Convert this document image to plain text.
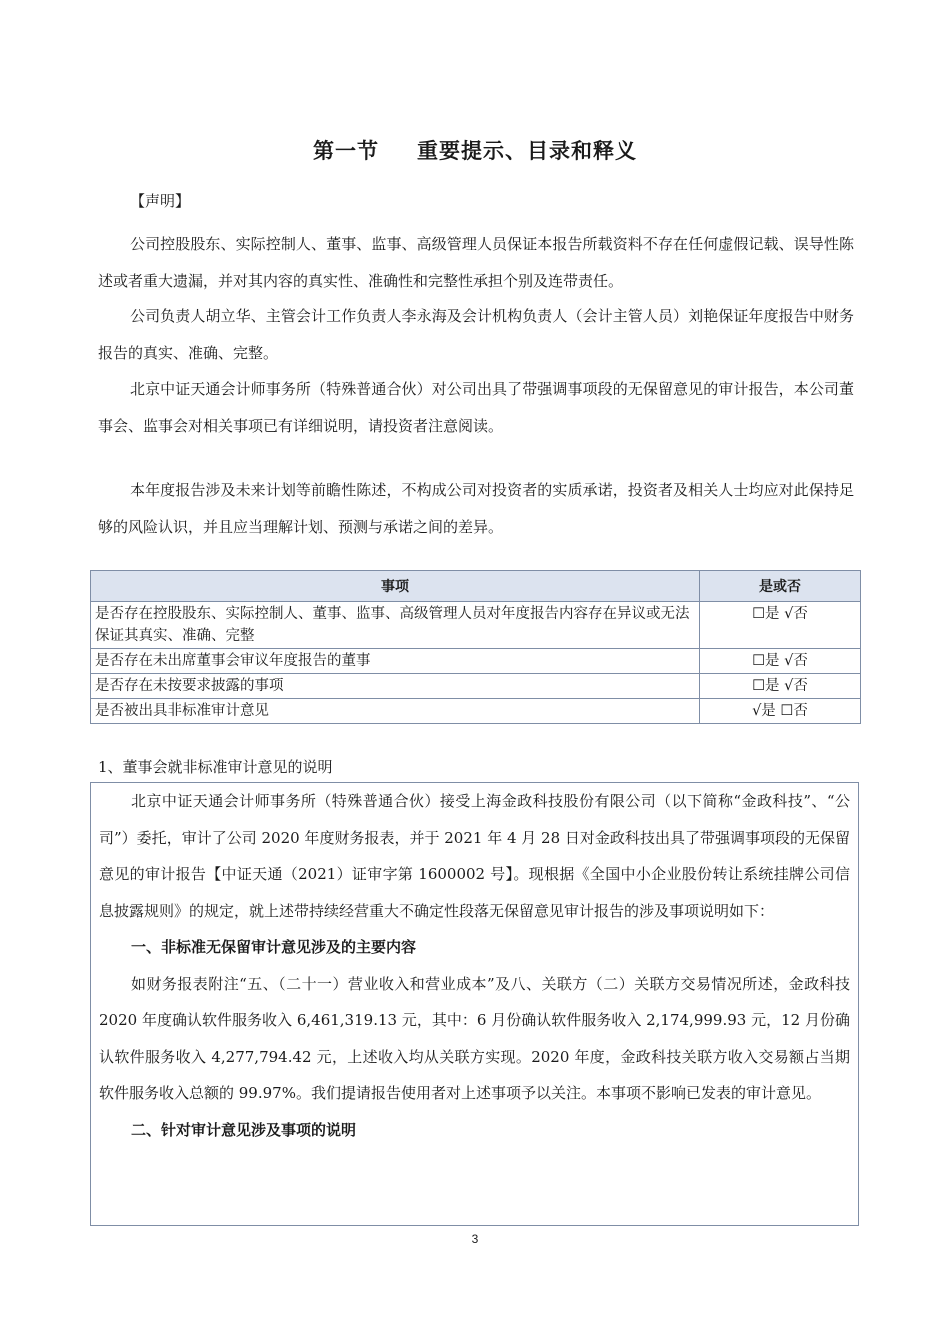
第一节 重要提示、目录和释义
【声明】
公司控股股东、实际控制人、董事、监事、高级管理人员保证本报告所载资料不存在任何虚假记载、误导性陈述或者重大遗漏，并对其内容的真实性、准确性和完整性承担个别及连带责任。
公司负责人胡立华、主管会计工作负责人李永海及会计机构负责人（会计主管人员）刘艳保证年度报告中财务报告的真实、准确、完整。
北京中证天通会计师事务所（特殊普通合伙）对公司出具了带强调事项段的无保留意见的审计报告，本公司董事会、监事会对相关事项已有详细说明，请投资者注意阅读。
本年度报告涉及未来计划等前瞻性陈述，不构成公司对投资者的实质承诺，投资者及相关人士均应对此保持足够的风险认识，并且应当理解计划、预测与承诺之间的差异。
事项	是或否
是否存在控股股东、实际控制人、董事、监事、高级管理人员对年度报告内容存在异议或无法保证其真实、准确、完整	☐是 √否
是否存在未出席董事会审议年度报告的董事	☐是 √否
是否存在未按要求披露的事项	☐是 √否
是否被出具非标准审计意见	√是 ☐否
1、董事会就非标准审计意见的说明

北京中证天通会计师事务所（特殊普通合伙）接受上海金政科技股份有限公司（以下简称“金政科技”、“公司”）委托，审计了公司 2020 年度财务报表，并于 2021 年 4 月 28 日对金政科技出具了带强调事项段的无保留意见的审计报告【中证天通（2021）证审字第 1600002 号】。现根据《全国中小企业股份转让系统挂牌公司信息披露规则》的规定，就上述带持续经营重大不确定性段落无保留意见审计报告的涉及事项说明如下：

一、非标准无保留审计意见涉及的主要内容

如财务报表附注“五、（二十一）营业收入和营业成本”及八、关联方（二）关联方交易情况所述，金政科技 2020 年度确认软件服务收入 6,461,319.13 元，其中：6 月份确认软件服务收入 2,174,999.93 元，12 月份确认软件服务收入 4,277,794.42 元，上述收入均从关联方实现。2020 年度，金政科技关联方收入交易额占当期软件服务收入总额的 99.97%。我们提请报告使用者对上述事项予以关注。本事项不影响已发表的审计意见。

二、针对审计意见涉及事项的说明

3
